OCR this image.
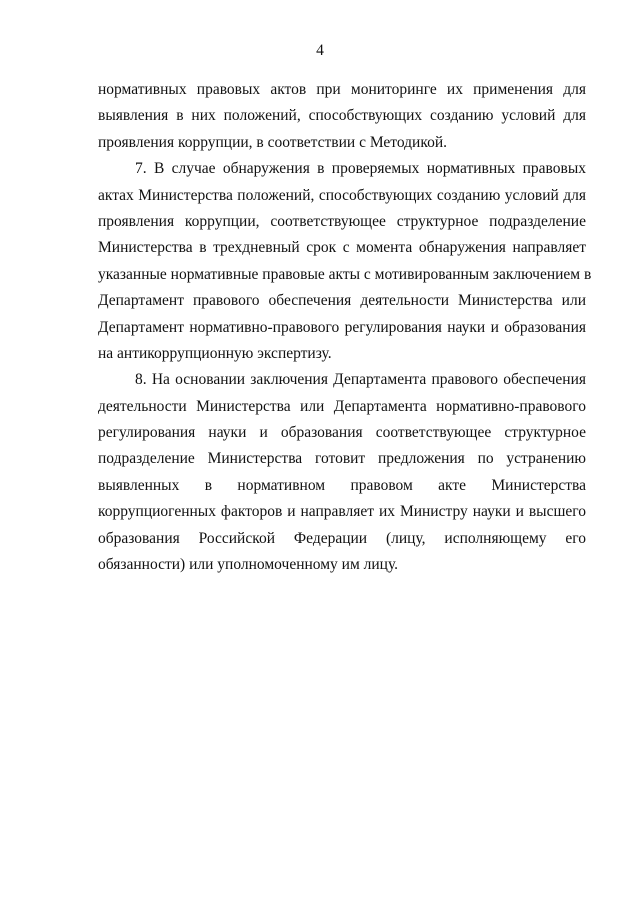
4
нормативных правовых актов при мониторинге их применения для
выявления в них положений, способствующих созданию условий для
проявления коррупции, в соответствии с Методикой.
7. В случае обнаружения в проверяемых нормативных правовых
актах Министерства положений, способствующих созданию условий для
проявления коррупции, соответствующее структурное подразделение
Министерства в трехдневный срок с момента обнаружения направляет
указанные нормативные правовые акты с мотивированным заключением в
Департамент правового обеспечения деятельности Министерства или
Департамент нормативно-правового регулирования науки и образования
на антикоррупционную экспертизу.
8. На основании заключения Департамента правового обеспечения
деятельности Министерства или Департамента нормативно-правового
регулирования науки и образования соответствующее структурное
подразделение Министерства готовит предложения по устранению
выявленных в нормативном правовом акте Министерства
коррупциогенных факторов и направляет их Министру науки и высшего
образования Российской Федерации (лицу, исполняющему его
обязанности) или уполномоченному им лицу.
